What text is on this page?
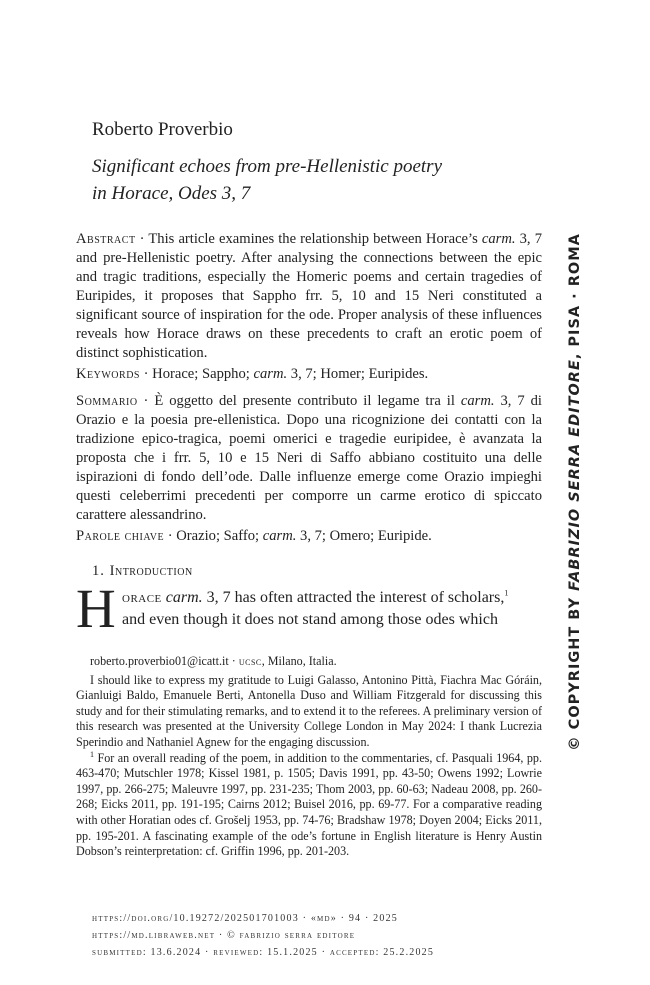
Roberto Proverbio
Significant echoes from pre-Hellenistic poetry
in Horace, Odes 3, 7
Abstract · This article examines the relationship between Horace’s carm. 3, 7 and pre-Hellenistic poetry. After analysing the connections between the epic and tragic traditions, especially the Homeric poems and certain tragedies of Euripides, it proposes that Sappho frr. 5, 10 and 15 Neri constituted a significant source of inspiration for the ode. Proper analysis of these influences reveals how Horace draws on these precedents to craft an erotic poem of distinct sophistication.
Keywords · Horace; Sappho; carm. 3, 7; Homer; Euripides.
Sommario · È oggetto del presente contributo il legame tra il carm. 3, 7 di Orazio e la poesia pre-ellenistica. Dopo una ricognizione dei contatti con la tradizione epico-tragica, poemi omerici e tragedie euripidee, è avanzata la proposta che i frr. 5, 10 e 15 Neri di Saffo abbiano costituito una delle ispirazioni di fondo dell’ode. Dalle influenze emerge come Orazio impieghi questi celeberrimi precedenti per comporre un carme erotico di spiccato carattere alessandrino.
Parole chiave · Orazio; Saffo; carm. 3, 7; Omero; Euripide.
1. Introduction
H orace carm. 3, 7 has often attracted the interest of scholars,$^1$
and even though it does not stand among those odes which

roberto.proverbio01@icatt.it · ucsc, Milano, Italia.

I should like to express my gratitude to Luigi Galasso, Antonino Pittà, Fiachra Mac Góráin, Gianluigi Baldo, Emanuele Berti, Antonella Duso and William Fitzgerald for discussing this study and for their stimulating remarks, and to extend it to the referees. A preliminary version of this research was presented at the University College London in May 2024: I thank Lucrezia Sperindio and Nathaniel Agnew for the engaging discussion.

$^1$ For an overall reading of the poem, in addition to the commentaries, cf. Pasquali 1964, pp. 463-470; Mutschler 1978; Kissel 1981, p. 1505; Davis 1991, pp. 43-50; Owens 1992; Lowrie 1997, pp. 266-275; Maleuvre 1997, pp. 231-235; Thom 2003, pp. 60-63; Nadeau 2008, pp. 260-268; Eicks 2011, pp. 191-195; Cairns 2012; Buisel 2016, pp. 69-77. For a comparative reading with other Horatian odes cf. Grošelj 1953, pp. 74-76; Bradshaw 1978; Doyen 2004; Eicks 2011, pp. 195-201. A fascinating example of the ode’s fortune in English literature is Henry Austin Dobson’s reinterpretation: cf. Griffin 1996, pp. 201-203.

https://doi.org/10.19272/202501701003 · «md» · 94 · 2025
https://md.libraweb.net · © fabrizio serra editore
submitted: 13.6.2024 · reviewed: 15.1.2025 · accepted: 25.2.2025
© COPYRIGHT BY FABRIZIO SERRA EDITORE, PISA · ROMA
